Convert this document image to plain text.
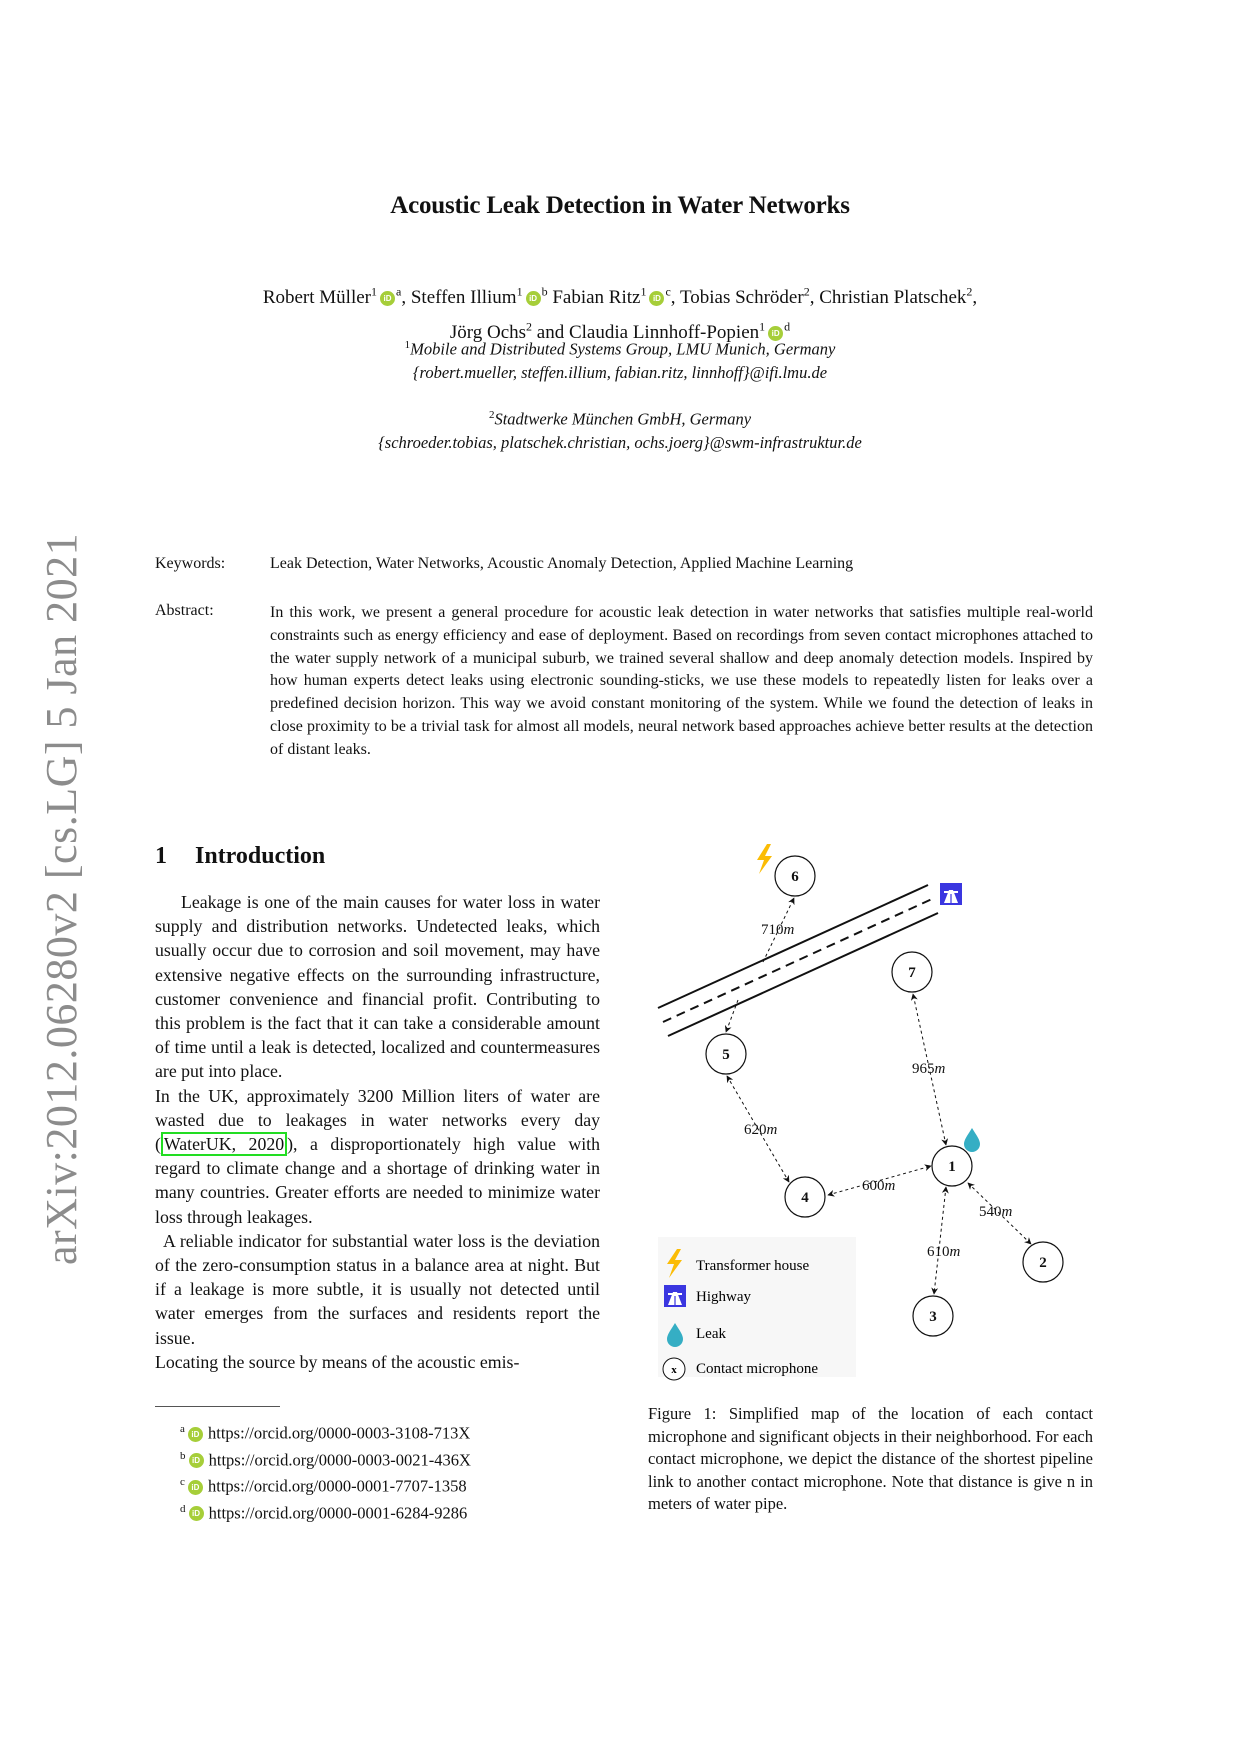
arXiv:2012.06280v2 [cs.LG] 5 Jan 2021
Acoustic Leak Detection in Water Networks
Robert Müller$^1$ iD $^a$, Steffen Illium$^1$ iD $^b$ Fabian Ritz$^1$ iD $^c$, Tobias Schröder$^2$, Christian Platschek$^2$,
Jörg Ochs$^2$ and Claudia Linnhoff-Popien$^1$ iD $^d$
$^1$Mobile and Distributed Systems Group, LMU Munich, Germany
{robert.mueller, steffen.illium, fabian.ritz, linnhoff}@ifi.lmu.de
$^2$Stadtwerke München GmbH, Germany
{schroeder.tobias, platschek.christian, ochs.joerg}@swm-infrastruktur.de
Keywords:	Leak Detection, Water Networks, Acoustic Anomaly Detection, Applied Machine Learning
Abstract:	In this work, we present a general procedure for acoustic leak detection in water networks that satisfies multiple real-world constraints such as energy efficiency and ease of deployment. Based on recordings from seven contact microphones attached to the water supply network of a municipal suburb, we trained several shallow and deep anomaly detection models. Inspired by how human experts detect leaks using electronic sounding-sticks, we use these models to repeatedly listen for leaks over a predefined decision horizon. This way we avoid constant monitoring of the system. While we found the detection of leaks in close proximity to be a trivial task for almost all models, neural network based approaches achieve better results at the detection of distant leaks.
1 Introduction

Leakage is one of the main causes for water loss in water supply and distribution networks. Undetected leaks, which usually occur due to corrosion and soil movement, may have extensive negative effects on the surrounding infrastructure, customer convenience and financial profit. Contributing to this problem is the fact that it can take a considerable amount of time until a leak is detected, localized and countermeasures are put into place.

In the UK, approximately 3200 Million liters of water are wasted due to leakages in water networks every day ( WaterUK, 2020 ), a disproportionately high value with regard to climate change and a shortage of drinking water in many countries. Greater efforts are needed to minimize water loss through leakages.

A reliable indicator for substantial water loss is the deviation of the zero-consumption status in a balance area at night. But if a leakage is more subtle, it is usually not detected until water emerges from the surfaces and residents report the issue.

Locating the source by means of the acoustic emis-

$^a$ iD https://orcid.org/0000-0003-3108-713X
$^b$ iD https://orcid.org/0000-0003-0021-436X
$^c$ iD https://orcid.org/0000-0001-7707-1358
$^d$ iD https://orcid.org/0000-0001-6284-9286
710m
965m
620m
600m
540m
610m
6
7
5
1
4
2
3
Transformer house
Highway
Leak
x Contact microphone
Figure 1: Simplified map of the location of each contact microphone and significant objects in their neighborhood. For each contact microphone, we depict the distance of the shortest pipeline link to another contact microphone. Note that distance is give n in meters of water pipe.
